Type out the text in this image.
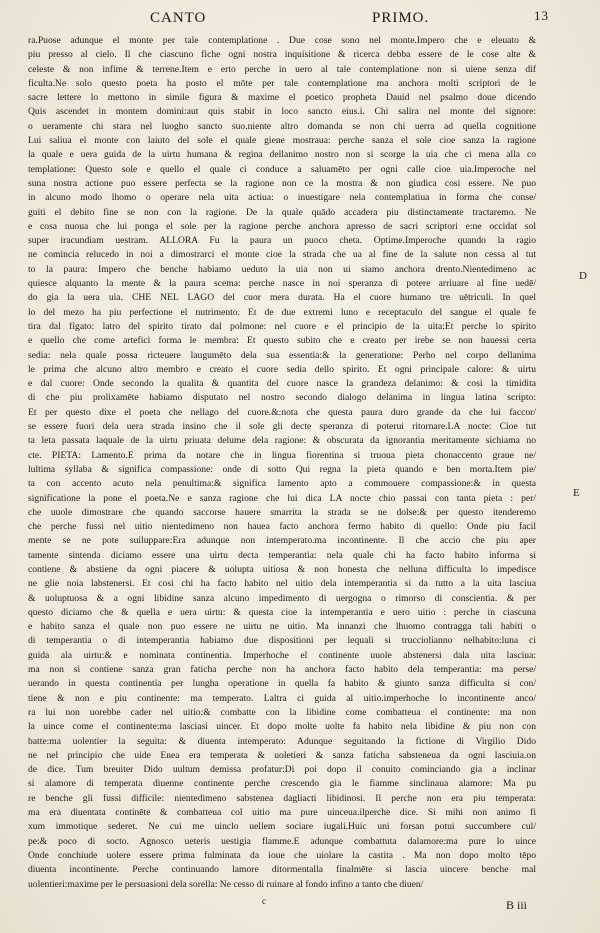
CANTO	PRIMO.	13
ra.Puose adunque el monte per tale contemplatione . Due cose sono nel monte.Impero che e eleuato &
piu presso al cielo. Il che ciascuno fiche ogni nostra inquisitione & ricerca debba essere de le cose alte &
celeste & non infime & terrene.Item e erto perche in uero al tale contemplatione non si uiene senza dif
ficulta.Ne solo questo poeta ha posto el mōte per tale contemplatione ma anchora molti scriptori de le
sacre lettere lo mettono in simile figura & maxime el poetico propheta Dauid nel psalmo doue dicendo
Quis ascendet in montem domini:aut quis stabit in loco sancto eius.i. Chi salira nel monte del signore:
o ueramente chi stara nel luogho sancto suo.niente altro domanda se non chi uerra ad quella cognitione
Lui saliua el monte con laiuto del sole el quale giene mostraua: perche sanza el sole cioe sanza la ragione
la quale e uera guida de la uirtu humana & regina dellanimo nostro non si scorge la uia che ci mena alla co
templatione: Questo sole e quello el quale ci conduce a saluamēto per ogni calle cioe uia.Imperoche nel
suna nostra actione puo essere perfecta se la ragione non ce la mostra & non giudica cosi essere. Ne puo
in alcuno modo lhomo o operare nela uita actiua: o inuestigare nela contemplatiua in forma che conse/
guiti el debito fine se non con la ragione. De la quale quādo accadera piu distinctamente tractaremo. Ne
e cosa nuoua che lui ponga el sole per la ragione perche anchora apresso de sacri scriptori e:ne occidat sol
super iracundiam uestram. ALLORA Fu la paura un puoco cheta. Optime.Imperoche quando la ragio
ne comincia relucedo in noi a dimostrarci el monte cioe la strada che ua al fine de la salute non cessa al tut
to la paura: Impero che benche habiamo ueduto la uia non ui siamo anchora drento.Nientedimeno ac
quiesce alquanto la mente & la paura scema: perche nasce in noi speranza di potere arriuare al fine uedē/
do gia la uera uia. CHE NEL LAGO del cuor mera durata. Ha el cuore humano tre uētriculi. In quel
lo del mezo ha piu perfectione el nutrimento. Et de due extremi luno e receptaculo del sangue el quale fe
tira dal figato: latro del spirito tirato dal polmone: nel cuore e el principio de la uita:Et perche lo spirito
e quello che come artefici forma le membra: Et questo subito che e creato per irebe se non hauessi certa
sedia: nela quale possa ricteuere laugumēto dela sua essentia:& la generatione: Perho nel corpo dellanima
le prima che alcuno altro membro e creato el cuore sedia dello spirito. Et ogni principale calore: & uirtu
e dal cuore: Onde secondo la qualita & quantita del cuore nasce la grandeza delanimo: & cosi la timidita
di che piu prolixamēte habiamo disputato nel nostro secondo dialogo delanima in lingua latina scripto:
Et per questo dixe el poeta che nellago del cuore.&:nota che questa paura duro grande da che lui faccor/
se essere fuori dela uera strada insino che il sole gli decte speranza di poterui ritornare.LA nocte: Cioe tut
ta leta passata laquale de la uirtu priuata delume dela ragione: & obscurata da ignorantia meritamente sichiama no
cte. PIETA: Lamento.E prima da notare che in lingua fiorentina si truoua pieta chonaccento graue ne/
lultima syllaba & significa compassione: onde di sotto Qui regna la pieta quando e ben morta.Item pie/
ta con accento acuto nela penultima:& significa lamento apto a commouere compassione:& in questa
significatione la pone el poeta.Ne e sanza ragione che lui dica LA nocte chio passai con tanta pieta : per/
che uuole dimostrare che quando saccorse hauere smarrita la strada se ne dolse:& per questo itenderemo
che perche fussi nel uitio nientedimeno non hauea facto anchora fermo habito di quello: Onde piu facil
mente se ne pote suiluppare:Era adunque non intemperato.ma incontinente. Il che accio che piu aper
tamente sintenda diciamo essere una uirtu decta temperantia: nela quale chi ha facto habito informa si
contiene & abstiene da ogni piacere & uolupta uitiosa & non honesta che nelluna difficulta lo impedisce
ne glie noia labstenersi. Et cosi chi ha facto habito nel uitio dela intemperantia si da tutto a la uita lasciua
& uoluptuosa & a ogni libidine sanza alcuno impedimento di uergogna o rimorso di conscientia. & per
questo diciamo che & quella e uera uirtu: & questa cioe la intemperantia e uero uitio : perche in ciascuna
e habito sanza el quale non puo essere ne uirtu ne uitio. Ma innanzi che lhuomo contragga tali habiti o
di temperantia o di intemperantia habiamo due dispositioni per lequali si trucciolianno nelhabito:luna ci
guida ala uirtu:& e nominata continentia. Imperhoche el continente uuole abstenersi dala uita lasciua:
ma non si contiene sanza gran faticha perche non ha anchora facto habito dela temperantia: ma perse/
uerando in questa continentia per lungha operatione in quella fa habito & giunto sanza difficulta si con/
tiene & non e piu continente: ma temperato. Laltra ci guida al uitio.imperhoche lo incontinente anco/
ra lui non uorebbe cader nel uitio:& combatte con la libidine come combatteua el continente: ma non
la uince come el continente:ma lasciasi uincer. Et dopo molte uolte fa habito nela libidine & piu non con
batte:ma uolentier la seguita: & diuenta intemperato: Adunque seguitando la fictione di Virgilio Dido
ne nel principio che uide Enea era temperata & uoletieri & sanza faticha sabsteneua da ogni lasciuia.on
de dice. Tum breuiter Dido uultum demissa profatur:Di poi dopo il conuito cominciando gia a inclinar
si alamore di temperata diuenne continente perche crescendo gia le fiamme sinclinaua alamore: Ma pu
re benche gli fussi difficile: nientedimeno sabstenea dagliacti libidinosi. Il perche non era piu temperata:
ma era diuentata continēte & combatteua col uitio ma pure uinceua.ilperche dice. Si mihi non animo fi
xum immotique sederet. Ne cui me uinclo uellem sociare iugali.Huic uni forsan potui succumbere cul/
pe:& poco di socto. Agnosco ueteris uestigia flamme.E adunque combattuta dalamore:ma pure lo uince
Onde conchiude uolere essere prima fulminata da ioue che uiolare la castita . Ma non dopo molto tēpo
diuenta incontinente. Perche continuando lamore ditormentalla finalmēte si lascia uincere benche mal
uolentieri:maxime per le persuasioni dela sorella: Ne cesso di ruinare al fondo infino a tanto che diuen/
D
E
c	B iii
